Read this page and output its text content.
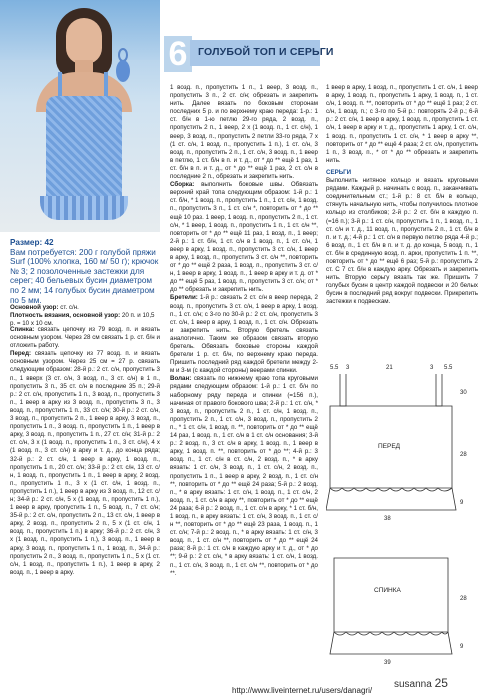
6	ГОЛУБОЙ ТОП И СЕРЬГИ

Размер: 42

Вам потребуется: 200 г голубой пряжи Surf (100% хлопка, 160 м/ 50 г); крючок № 3; 2 позолоченные застежки для серег; 40 бельевых бусин диаметром по 2 мм; 14 голубых бусин диаметром по 5 мм.

Основной узор: ст. с/н.

Плотность вязания, основной узор: 20 п. и 10,5 р. = 10 х 10 см.

Спинка: связать цепочку из 79 возд. п. и вязать основным узором. Через 28 см связать 1 р. ст. б/н и отложить работу.

Перед: связать цепочку из 77 возд. п. и вязать основным узором. Через 25 см = 27 р. связать следующим образом: 28-й р.: 2 ст. с/н, пропустить 3 п., 1 вверх (3 ст. с/н, 3 возд. п., 3 ст. с/н) в 1 п., пропустить 3 п., 35 ст. с/н в последние 35 п.; 29-й р.: 2 ст. с/н, пропустить 1 п., 3 возд. п., пропустить 3 п., 1 веер в арку из 3 возд. п., пропустить 3 п., 3 возд. п., пропустить 1 п., 33 ст. с/н; 30-й р.: 2 ст. с/н, 3 возд. п., пропустить 2 п., 1 веер в арку, 3 возд. п., пропустить 1 п., 3 возд. п., пропустить 1 п., 1 веер в арку, 3 возд. п., пропустить 1 п., 27 ст. с/н; 31-й р.: 2 ст. с/н, 3 х (1 возд. п., пропустить 1 п., 3 ст. с/н), 4 х (1 возд. п., 3 ст. с/н) в арку и т. д., до конца ряда; 32-й р.: 2 ст. с/н, 1 веер в арку, 1 возд. п., пропустить 1 п., 20 ст. с/н; 33-й р.: 2 ст. с/н, 13 ст. с/н, 1 возд. п., пропустить 1 п., 1 веер в арку, 2 возд. п., пропустить 1 п., 3 х (1 ст. с/н, 1 возд. п., пропустить 1 п.), 1 веер в арку из 3 возд. п., 12 ст. с/н; 34-й р.: 2 ст. с/н, 5 х (1 возд. п., пропустить 1 п.), 1 веер в арку, пропустить 1 п., 5 возд. п., 7 ст. с/н; 35-й р.: 2 ст. с/н, пропустить 2 п., 13 ст. с/н, 1 веер в арку, 2 возд. п., пропустить 2 п., 5 х (1 ст. с/н, 1 возд. п., пропустить 1 п.) в арку; 36-й р.: 2 ст. с/н, 3 х (1 возд. п., пропустить 1 п.), 3 возд. п., 1 веер в арку, 3 возд. п., пропустить 1 п., 1 возд. п., 34-й р.: пропустить 2 п., 3 возд. п., пропустить 1 п., 5 х (1 ст. с/н, 1 возд. п., пропустить 1 п.), 1 веер в арку, 2 возд. п., 1 веер в арку.

1 возд. п., пропустить 1 п., 1 веер, 3 возд. п., пропустить 3 п., 2 ст. с/н; обрезать и закрепить нить. Далее вязать по боковым сторонам последних 5 р. и по верхнему краю переда: 1-р.: 1 ст. б/н в 1-ю петлю 29-го ряда, 2 возд. п., пропустить 2 п., 1 веер, 2 х (1 возд. п., 1 ст. с/н), 1 веер, 3 возд. п., пропустить 2 петли 33-го ряда, 7 х (1 ст. с/н, 1 возд. п., пропустить 1 п.), 1 ст. с/н, 3 возд. п., пропустить 2 п., 1 ст. с/н, 3 возд. п., 1 веер в петлю, 1 ст. б/н в п. и т. д., от * до ** ещё 1 раз, 1 ст. б/н в п. и т. д., от * до ** ещё 1 раз, 2 ст. с/н в последние 2 п., обрезать и закрепить нить.

Сборка: выполнить боковые швы. Обвязать верхний край топа следующим образом: 1-й р.: 1 ст. б/н, * 1 возд. п., пропустить 1 п., 1 ст. с/н, 1 возд. п., пропустить 3 п., 1 ст. с/н *, повторить от * до ** ещё 10 раз. 1 веер, 1 возд. п., пропустить 2 п., 1 ст. с/н, * 1 веер, 1 возд. п., пропустить 1 п., 1 ст. с/н **, повторить от * до ** ещё 11 раз, 1 возд. п., 1 веер; 2-й р.: 1 ст. б/н, 1 ст. с/н в 1 возд. п., 1 ст. с/н, 1 веер в арку, 1 возд. п., пропустить 3 ст. с/н, 1 веер в арку, 1 возд. п., пропустить 3 ст. с/н **, повторить от * до ** ещё 2 раза, 1 возд. п., пропустить 3 ст. с/н, 1 веер в арку, 1 возд. п., 1 веер в арку и т. д. от * до ** ещё 5 раз, 1 возд. п., пропустить 3 ст. с/н; от * до ** обрезать и закрепить нить.

Бретели: 1-й р.: связать 2 ст. с/н в веер переда, 2 возд. п., пропустить 3 ст. с/н, 1 веер в арку, 1 возд. п., 1 ст. с/н; с 3-го по 30-й р.: 2 ст. с/н, пропустить 3 ст. с/н, 1 веер в арку, 1 возд. п., 1 ст. с/н. Обрезать и закрепить нить. Вторую бретель связать аналогично. Таким же образом связать вторую бретель. Обвязать боковые стороны каждой бретели 1 р. ст. б/н, по верхнему краю переда. Пришить последний ряд каждой бретели между 2-м и 3-м (с каждой стороны) веерами спинки.

Волан: связать по нижнему краю топа круговыми рядами следующим образом: 1-й р.: 1 ст. б/н по наборному ряду переда и спинки (=156 п.), начиная от правого бокового шва; 2-й р.: 1 ст. с/н, * 3 возд. п., пропустить 2 п., 1 ст. с/н, 1 возд. п., пропустить 2 п., 1 ст. с/н, 3 возд. п., пропустить 2 п., * 1 ст. с/н, 1 возд. п. **, повторить от * до ** ещё 14 раз, 1 возд. п., 1 ст. с/н в 1 ст. с/н основания; 3-й р.: 2 возд. п., 3 ст. с/н в арку, 1 возд. п., 1 веер в арку, 1 возд. п. **, повторить от * до **; 4-й р.: 3 возд. п., 1 ст. с/н в ст. с/н, 2 возд. п., * в арку вязать: 1 ст. с/н, 3 возд. п., 1 ст. с/н, 2 возд. п., пропустить 1 п., 1 веер в арку, 2 возд. п., 1 ст. с/н **, повторить от * до ** ещё 24 раза; 5-й р.: 2 возд. п., * в арку вязать: 1 ст. с/н, 1 возд. п., 1 ст. с/н, 2 возд. п., 1 ст. с/н в арку **, повторить от * до ** ещё 24 раза; 6-й р.: 2 возд. п., 1 ст. с/н в арку, * 1 ст. б/н, 1 возд. п., в арку вязать: 1 ст. с/н, 3 возд. п., 1 ст. с/н **, повторить от * до ** ещё 23 раза, 1 возд. п., 1 ст. с/н; 7-й р.: 2 возд. п., * в арку вязать: 1 ст. с/н, 3 возд. п., 1 ст. с/н **, повторить от * до ** ещё 24 раза; 8-й р.: 1 ст. с/н в каждую арку и т. д., от * до **; 9-й р.: 2 ст. с/н, * в арку вязать: 1 ст. с/н, 1 возд. п., 1 ст. с/н, 3 возд. п., 1 ст. с/н **, повторить от * до **.

1 веер в арку, 1 возд. п., пропустить 1 ст. с/н, 1 веер в арку, 1 возд. п., пропустить 1 арку, 1 возд. п., 1 ст. с/н, 1 возд. п. **, повторить от * до ** ещё 1 раз; 2 ст. с/н, 1 возд. п.; с 3-го по 5-й р.: повторять 2-й р.; 6-й р.: 2 ст. с/н, 1 веер в арку, 1 возд. п., пропустить 1 ст. с/н, 1 веер в арку и т. д., пропустить 1 арку, 1 ст. с/н, 1 возд. п., пропустить 1 ст. с/н, * 1 веер в арку **, повторить от * до ** ещё 4 раза; 2 ст. с/н, пропустить 1 п., 3 возд. п., * от * до ** обрезать и закрепить нить.

СЕРЬГИ

Выполнить нитяное кольцо и вязать круговыми рядами. Каждый р. начинать с возд. п., заканчивать соединительным ст.; 1-й р.: 8 ст. б/н в кольцо, стянуть начальную нить, чтобы получилось плотное кольцо из столбиков; 2-й р.: 2 ст. б/н в каждую п. (=16 п.); 3-й р.: 1 ст. с/н, пропустить 1 п., 1 возд. п., 1 ст. с/н и т. д., 11 возд. п., пропустить 2 п., 1 ст. б/н в п. и т. д.; 4-й р.: 1 ст. с/н в первую петлю ряда 4-й р.; 6 возд. п., 1 ст. б/н в п. и т. д. до конца, 5 возд. п., 1 ст. б/н в срединную возд. п. арки, пропустить 1 п. **, повторить от * до ** ещё 6 раз; 5-й р.: пропустить 2 ст. С 7 ст. б/н в каждую арку. Обрезать и закрепить нить. Вторую серьгу вязать так же. Пришить 7 голубых бусин в центр каждой подвески и 20 белых бусин в последний ряд вокруг подвески. Прикрепить застежки к подвескам.

5.5 3	21	3 5.5
ПЕРЕД
30
28
9
38
СПИНКА
28
9
39
susanna 25
http://www.liveinternet.ru/users/danagri/
